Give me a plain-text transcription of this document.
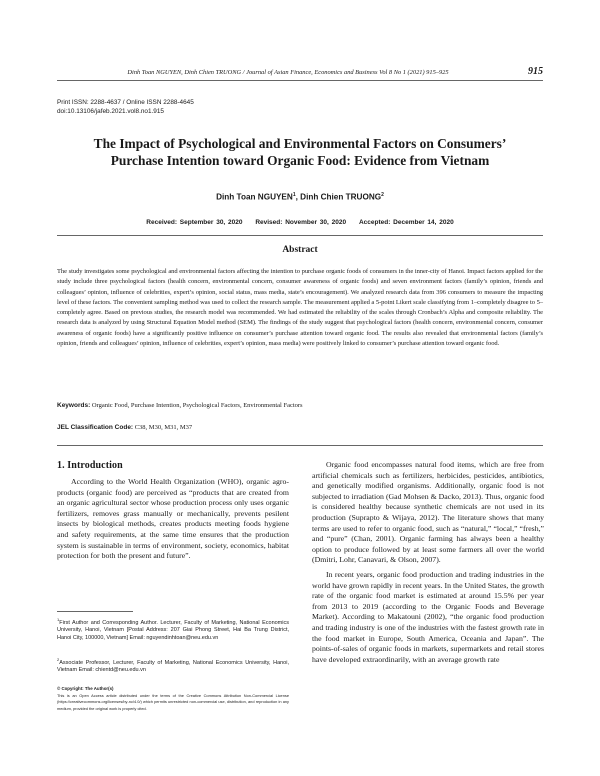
Dinh Toan NGUYEN, Dinh Chien TRUONG / Journal of Asian Finance, Economics and Business Vol 8 No 1 (2021) 915–925	915
Print ISSN: 2288-4637 / Online ISSN 2288-4645
doi:10.13106/jafeb.2021.vol8.no1.915
The Impact of Psychological and Environmental Factors on Consumers’
Purchase Intention toward Organic Food: Evidence from Vietnam
Dinh Toan NGUYEN$^1$, Dinh Chien TRUONG$^2$
Received: September 30, 2020 Revised: November 30, 2020 Accepted: December 14, 2020
Abstract
The study investigates some psychological and environmental factors affecting the intention to purchase organic foods of consumers in the inner-city of Hanoi. Impact factors applied for the study include three psychological factors (health concern, environmental concern, consumer awareness of organic foods) and seven environment factors (family’s opinion, friends and colleagues’ opinion, influence of celebrities, expert’s opinion, social status, mass media, state’s encouragement). We analyzed research data from 396 consumers to measure the impacting level of these factors. The convenient sampling method was used to collect the research sample. The measurement applied a 5-point Likert scale classifying from 1–completely disagree to 5–completely agree. Based on previous studies, the research model was recommended. We had estimated the reliability of the scales through Cronbach’s Alpha and composite reliability. The research data is analyzed by using Structural Equation Model method (SEM). The findings of the study suggest that psychological factors (health concern, environmental concern, consumer awareness of organic foods) have a significantly positive influence on consumer’s purchase attention toward organic food. The results also revealed that environmental factors (family’s opinion, friends and colleagues’ opinion, influence of celebrities, expert’s opinion, mass media) were positively linked to consumer’s purchase attention toward organic food.
Keywords: Organic Food, Purchase Intention, Psychological Factors, Environmental Factors
JEL Classification Code: C38, M30, M31, M37
1. Introduction

According to the World Health Organization (WHO), organic agro-products (organic food) are perceived as “products that are created from an organic agricultural sector whose production process only uses organic fertilizers, removes grass manually or mechanically, prevents pesilent insects by biological methods, creates products meeting foods hygiene and safety requirements, at the same time ensures that the production system is sustainable in terms of environment, society, economics, habitat protection for both the present and future”.

Organic food encompasses natural food items, which are free from artificial chemicals such as fertilizers, herbicides, pesticides, antibiotics, and genetically modified organisms. Additionally, organic food is not subjected to irradiation (Gad Mohsen & Dacko, 2013). Thus, organic food is considered healthy because synthetic chemicals are not used in its production (Suprapto & Wijaya, 2012). The literature shows that many terms are used to refer to organic food, such as “natural,” “local,” “fresh,” and “pure” (Chan, 2001). Organic farming has always been a healthy option to produce followed by at least some farmers all over the world (Dmitri, Lohr, Canavari, & Olson, 2007).

In recent years, organic food production and trading industries in the world have grown rapidly in recent years. In the United States, the growth rate of the organic food market is estimated at around 15.5% per year from 2013 to 2019 (according to the Organic Foods and Beverage Market). According to Makatouni (2002), “the organic food production and trading industry is one of the industries with the fastest growth rate in the food market in Europe, South America, Oceania and Japan”. The points-of-sales of organic foods in markets, supermarkets and retail stores have developed extraordinarily, with an average growth rate

$^1$First Author and Corresponding Author. Lecturer, Faculty of Marketing, National Economics University, Hanoi, Vietnam [Postal Address: 207 Giai Phong Street, Hai Ba Trung District, Hanoi City, 100000, Vietnam] Email: nguyendinhtoan@neu.edu.vn
$^2$Associate Professor, Lecturer, Faculty of Marketing, National Economics University, Hanoi, Vietnam Email: chientd@neu.edu.vn
© Copyright: The Author(s)
This is an Open Access article distributed under the terms of the Creative Commons Attribution Non-Commercial License (https://creativecommons.org/licenses/by-nc/4.0/) which permits unrestricted non-commercial use, distribution, and reproduction in any medium, provided the original work is properly cited.
